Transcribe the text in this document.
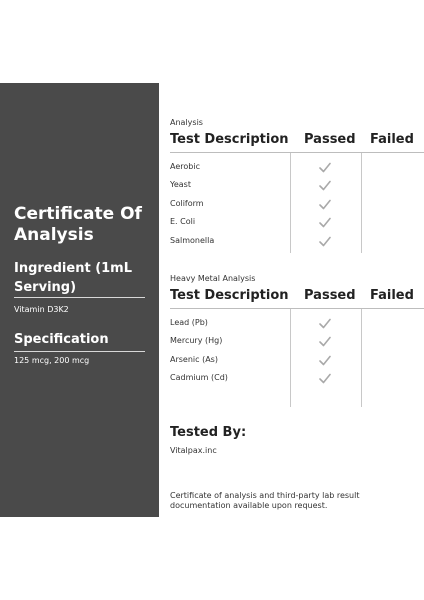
Certificate Of Analysis
Ingredient (1mL Serving)
Vitamin D3K2
Specification
125 mcg, 200 mcg
Analysis
Test Description Passed Failed
Aerobic
Yeast
Coliform
E. Coli
Salmonella
Heavy Metal Analysis
Test Description Passed Failed
Lead (Pb)
Mercury (Hg)
Arsenic (As)
Cadmium (Cd)
Tested By:
Vitalpax.inc
Certificate of analysis and third-party lab result documentation available upon request.
